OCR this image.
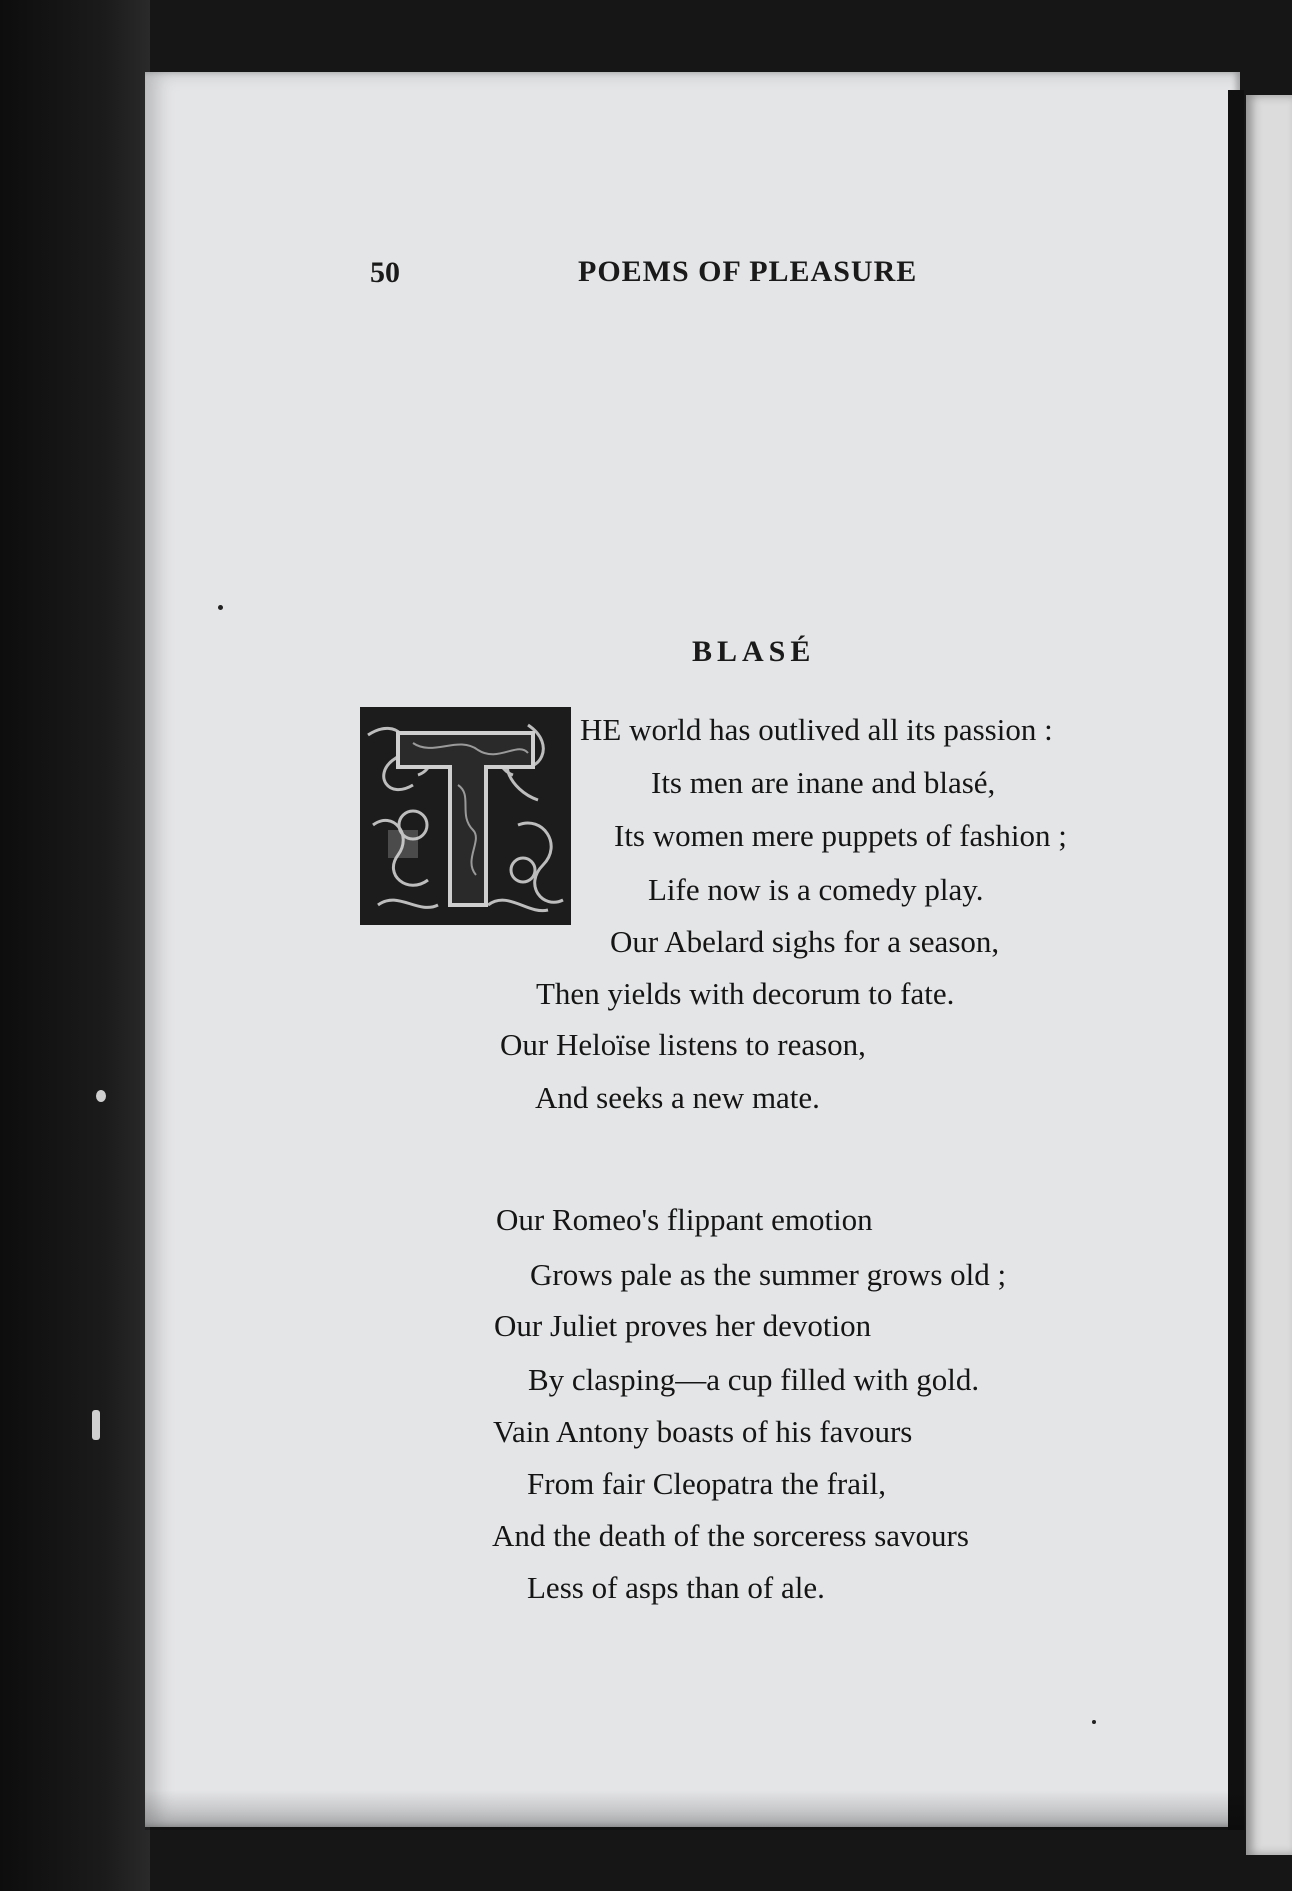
50	POEMS OF PLEASURE
BLASÉ
HE world has outlived all its passion :
Its men are inane and blasé,
Its women mere puppets of fashion ;
Life now is a comedy play.
Our Abelard sighs for a season,
Then yields with decorum to fate.
Our Heloïse listens to reason,
And seeks a new mate.
Our Romeo's flippant emotion
Grows pale as the summer grows old ;
Our Juliet proves her devotion
By clasping—a cup filled with gold.
Vain Antony boasts of his favours
From fair Cleopatra the frail,
And the death of the sorceress savours
Less of asps than of ale.
